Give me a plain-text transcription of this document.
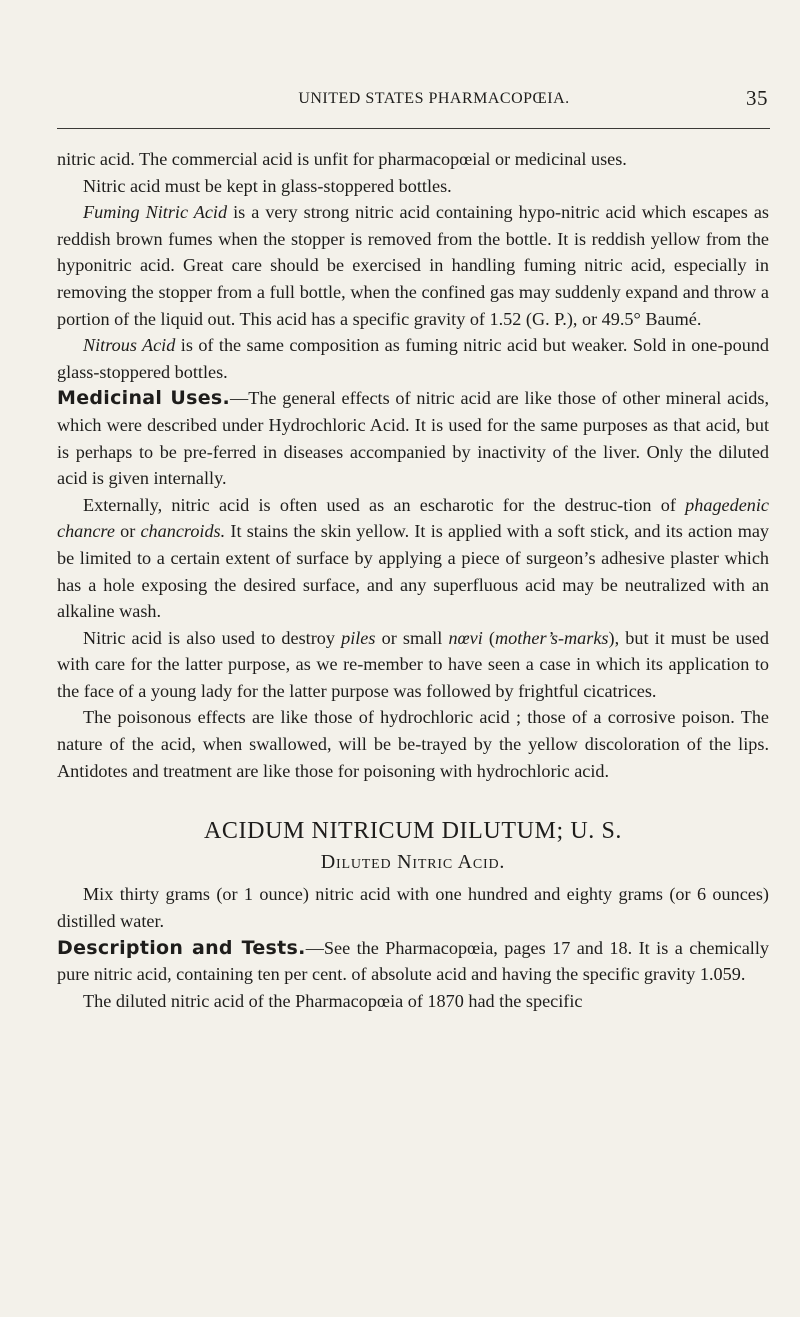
UNITED STATES PHARMACOPŒIA.	35

nitric acid. The commercial acid is unfit for pharmacopœial or medicinal uses.

Nitric acid must be kept in glass-stoppered bottles.

Fuming Nitric Acid is a very strong nitric acid containing hypo-nitric acid which escapes as reddish brown fumes when the stopper is removed from the bottle. It is reddish yellow from the hyponitric acid. Great care should be exercised in handling fuming nitric acid, especially in removing the stopper from a full bottle, when the confined gas may suddenly expand and throw a portion of the liquid out. This acid has a specific gravity of 1.52 (G. P.), or 49.5° Baumé.

Nitrous Acid is of the same composition as fuming nitric acid but weaker. Sold in one-pound glass-stoppered bottles.

Medicinal Uses.—The general effects of nitric acid are like those of other mineral acids, which were described under Hydrochloric Acid. It is used for the same purposes as that acid, but is perhaps to be pre-ferred in diseases accompanied by inactivity of the liver. Only the diluted acid is given internally.

Externally, nitric acid is often used as an escharotic for the destruc-tion of phagedenic chancre or chancroids. It stains the skin yellow. It is applied with a soft stick, and its action may be limited to a certain extent of surface by applying a piece of surgeon’s adhesive plaster which has a hole exposing the desired surface, and any superfluous acid may be neutralized with an alkaline wash.

Nitric acid is also used to destroy piles or small nœvi (mother’s-marks), but it must be used with care for the latter purpose, as we re-member to have seen a case in which its application to the face of a young lady for the latter purpose was followed by frightful cicatrices.

The poisonous effects are like those of hydrochloric acid ; those of a corrosive poison. The nature of the acid, when swallowed, will be be-trayed by the yellow discoloration of the lips. Antidotes and treatment are like those for poisoning with hydrochloric acid.

ACIDUM NITRICUM DILUTUM; U. S.
Diluted Nitric Acid.

Mix thirty grams (or 1 ounce) nitric acid with one hundred and eighty grams (or 6 ounces) distilled water.

Description and Tests.—See the Pharmacopœia, pages 17 and 18. It is a chemically pure nitric acid, containing ten per cent. of absolute acid and having the specific gravity 1.059.

The diluted nitric acid of the Pharmacopœia of 1870 had the specific
